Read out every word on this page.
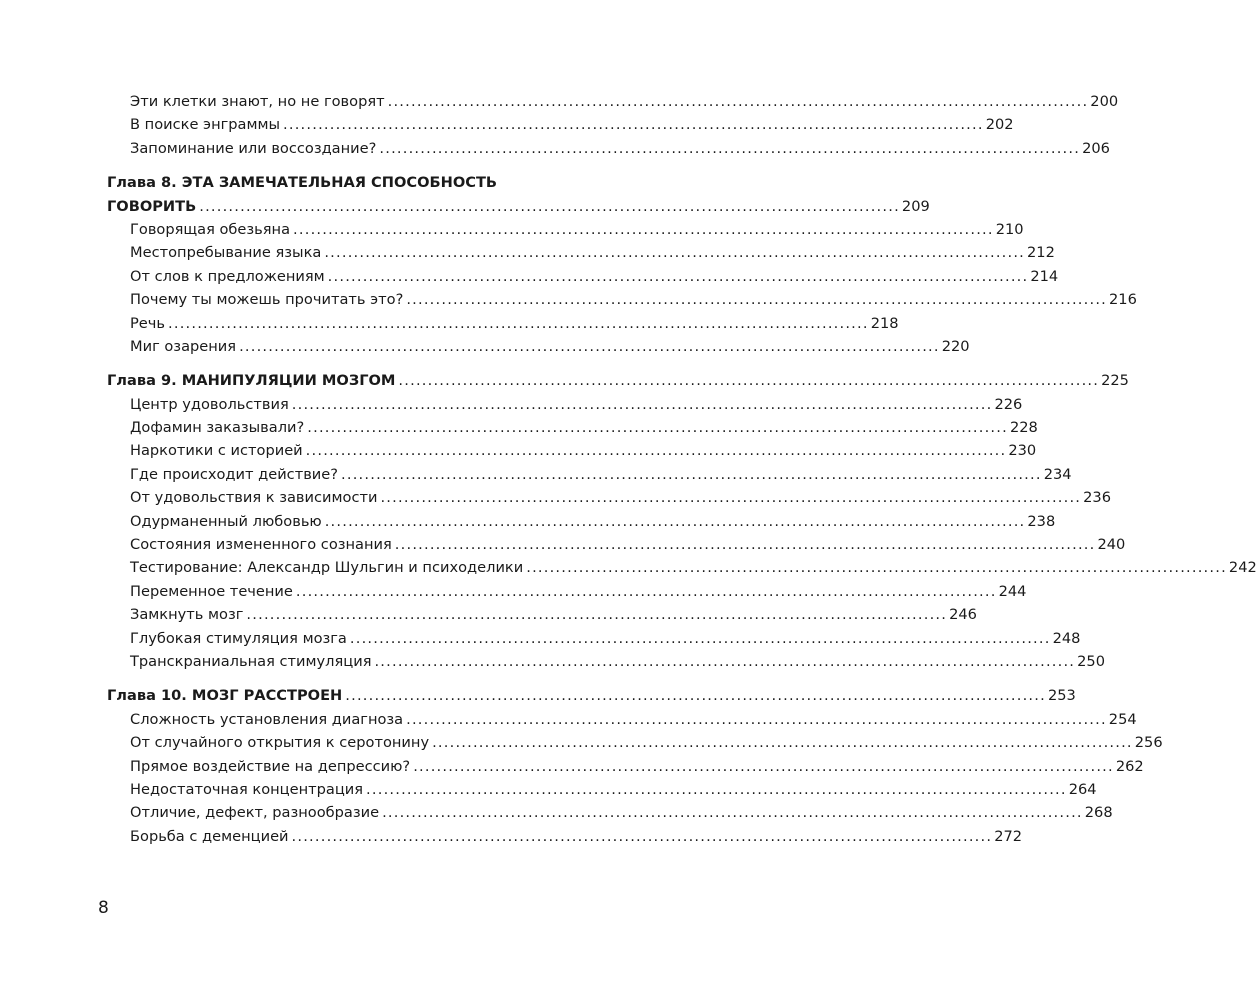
Эти клетки знают, но не говорят ........................................................................................................................ 200
В поиске энграммы ........................................................................................................................ 202
Запоминание или воссоздание? ........................................................................................................................ 206
Глава 8. ЭТА ЗАМЕЧАТЕЛЬНАЯ СПОСОБНОСТЬ
ГОВОРИТЬ ........................................................................................................................ 209
Говорящая обезьяна ........................................................................................................................ 210
Местопребывание языка ........................................................................................................................ 212
От слов к предложениям ........................................................................................................................ 214
Почему ты можешь прочитать это? ........................................................................................................................ 216
Речь ........................................................................................................................ 218
Миг озарения ........................................................................................................................ 220
Глава 9. МАНИПУЛЯЦИИ МОЗГОМ ........................................................................................................................ 225
Центр удовольствия ........................................................................................................................ 226
Дофамин заказывали? ........................................................................................................................ 228
Наркотики с историей ........................................................................................................................ 230
Где происходит действие? ........................................................................................................................ 234
От удовольствия к зависимости ........................................................................................................................ 236
Одурманенный любовью ........................................................................................................................ 238
Состояния измененного сознания ........................................................................................................................ 240
Тестирование: Александр Шульгин и психоделики ........................................................................................................................ 242
Переменное течение ........................................................................................................................ 244
Замкнуть мозг ........................................................................................................................ 246
Глубокая стимуляция мозга ........................................................................................................................ 248
Транскраниальная стимуляция ........................................................................................................................ 250
Глава 10. МОЗГ РАССТРОЕН ........................................................................................................................ 253
Сложность установления диагноза ........................................................................................................................ 254
От случайного открытия к серотонину ........................................................................................................................ 256
Прямое воздействие на депрессию? ........................................................................................................................ 262
Недостаточная концентрация ........................................................................................................................ 264
Отличие, дефект, разнообразие ........................................................................................................................ 268
Борьба с деменцией ........................................................................................................................ 272
8
